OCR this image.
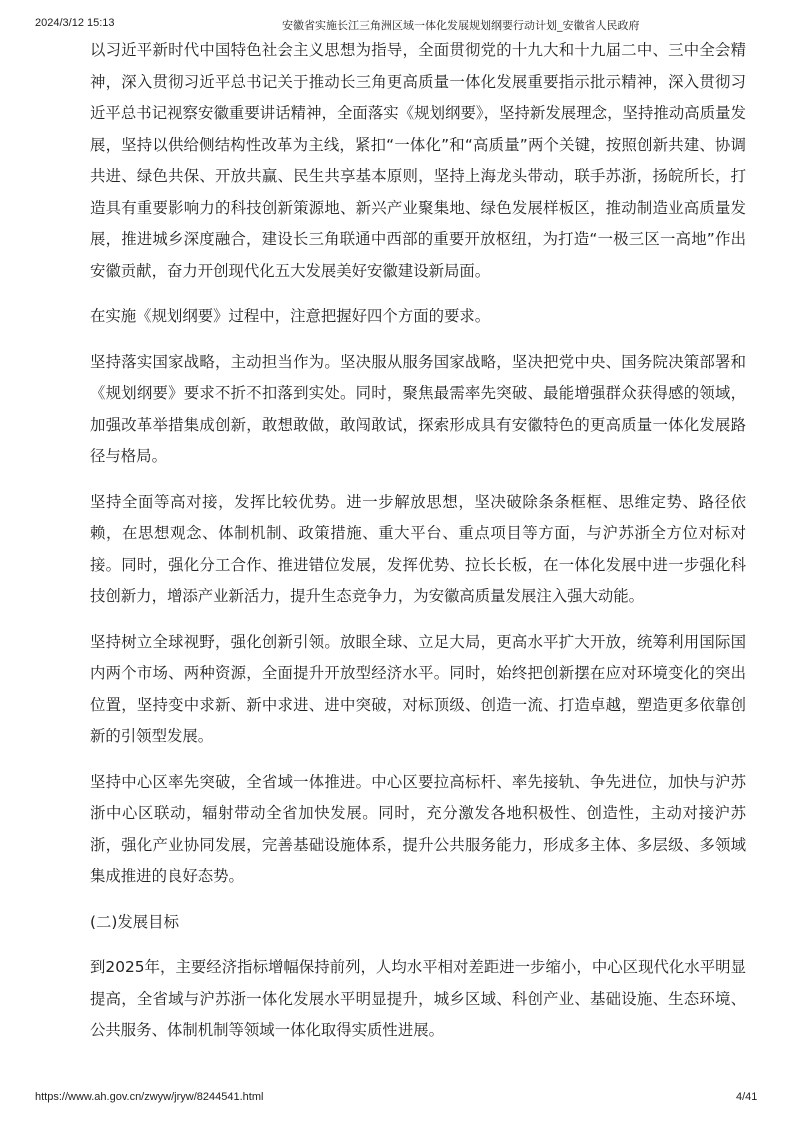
2024/3/12 15:13	安徽省实施长江三角洲区域一体化发展规划纲要行动计划_安徽省人民政府

以习近平新时代中国特色社会主义思想为指导，全面贯彻党的十九大和十九届二中、三中全会精神，深入贯彻习近平总书记关于推动长三角更高质量一体化发展重要指示批示精神，深入贯彻习近平总书记视察安徽重要讲话精神，全面落实《规划纲要》，坚持新发展理念，坚持推动高质量发展，坚持以供给侧结构性改革为主线，紧扣“一体化”和“高质量”两个关键，按照创新共建、协调共进、绿色共保、开放共赢、民生共享基本原则，坚持上海龙头带动，联手苏浙，扬皖所长，打造具有重要影响力的科技创新策源地、新兴产业聚集地、绿色发展样板区，推动制造业高质量发展，推进城乡深度融合，建设长三角联通中西部的重要开放枢纽，为打造“一极三区一高地”作出安徽贡献，奋力开创现代化五大发展美好安徽建设新局面。

在实施《规划纲要》过程中，注意把握好四个方面的要求。

坚持落实国家战略，主动担当作为。坚决服从服务国家战略，坚决把党中央、国务院决策部署和《规划纲要》要求不折不扣落到实处。同时，聚焦最需率先突破、最能增强群众获得感的领域，加强改革举措集成创新，敢想敢做，敢闯敢试，探索形成具有安徽特色的更高质量一体化发展路径与格局。

坚持全面等高对接，发挥比较优势。进一步解放思想，坚决破除条条框框、思维定势、路径依赖，在思想观念、体制机制、政策措施、重大平台、重点项目等方面，与沪苏浙全方位对标对接。同时，强化分工合作、推进错位发展，发挥优势、拉长长板，在一体化发展中进一步强化科技创新力，增添产业新活力，提升生态竞争力，为安徽高质量发展注入强大动能。

坚持树立全球视野，强化创新引领。放眼全球、立足大局，更高水平扩大开放，统筹利用国际国内两个市场、两种资源，全面提升开放型经济水平。同时，始终把创新摆在应对环境变化的突出位置，坚持变中求新、新中求进、进中突破，对标顶级、创造一流、打造卓越，塑造更多依靠创新的引领型发展。

坚持中心区率先突破，全省域一体推进。中心区要拉高标杆、率先接轨、争先进位，加快与沪苏浙中心区联动，辐射带动全省加快发展。同时，充分激发各地积极性、创造性，主动对接沪苏浙，强化产业协同发展，完善基础设施体系，提升公共服务能力，形成多主体、多层级、多领域集成推进的良好态势。

(二)发展目标

到2025年，主要经济指标增幅保持前列，人均水平相对差距进一步缩小，中心区现代化水平明显提高，全省域与沪苏浙一体化发展水平明显提升，城乡区域、科创产业、基础设施、生态环境、公共服务、体制机制等领域一体化取得实质性进展。

https://www.ah.gov.cn/zwyw/jryw/8244541.html	4/41
